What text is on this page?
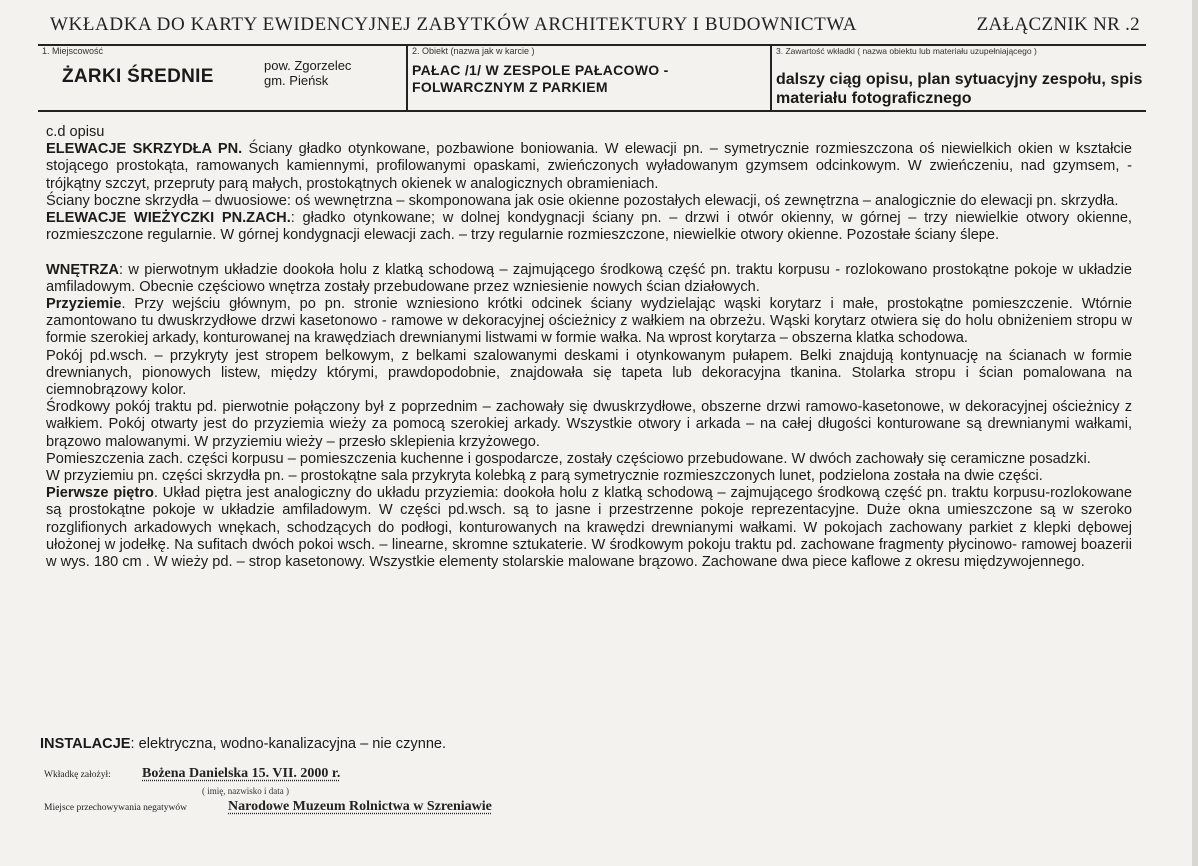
WKŁADKA DO KARTY EWIDENCYJNEJ ZABYTKÓW ARCHITEKTURY I BUDOWNICTWA	ZAŁĄCZNIK NR .2
1. Miejscowość
ŻARKI ŚREDNIE
pow. Zgorzelec
gm. Pieńsk
2. Obiekt (nazwa jak w karcie )
PAŁAC /1/ W ZESPOLE PAŁACOWO - FOLWARCZNYM Z PARKIEM
3. Zawartość wkładki ( nazwa obiektu lub materiału uzupełniającego )
dalszy ciąg opisu, plan sytuacyjny zespołu, spis materiału fotograficznego

c.d opisu

ELEWACJE SKRZYDŁA PN. Ściany gładko otynkowane, pozbawione boniowania. W elewacji pn. – symetrycznie rozmieszczona oś niewielkich okien w kształcie stojącego prostokąta, ramowanych kamiennymi, profilowanymi opaskami, zwieńczonych wyładowanym gzymsem odcinkowym. W zwieńczeniu, nad gzymsem, - trójkątny szczyt, przepruty parą małych, prostokątnych okienek w analogicznych obramieniach.

Ściany boczne skrzydła – dwuosiowe: oś wewnętrzna – skomponowana jak osie okienne pozostałych elewacji, oś zewnętrzna – analogicznie do elewacji pn. skrzydła.

ELEWACJE WIEŻYCZKI PN.ZACH.: gładko otynkowane; w dolnej kondygnacji ściany pn. – drzwi i otwór okienny, w górnej – trzy niewielkie otwory okienne, rozmieszczone regularnie. W górnej kondygnacji elewacji zach. – trzy regularnie rozmieszczone, niewielkie otwory okienne. Pozostałe ściany ślepe.

WNĘTRZA: w pierwotnym układzie dookoła holu z klatką schodową – zajmującego środkową część pn. traktu korpusu - rozlokowano prostokątne pokoje w układzie amfiladowym. Obecnie częściowo wnętrza zostały przebudowane przez wzniesienie nowych ścian działowych.

Przyziemie. Przy wejściu głównym, po pn. stronie wzniesiono krótki odcinek ściany wydzielając wąski korytarz i małe, prostokątne pomieszczenie. Wtórnie zamontowano tu dwuskrzydłowe drzwi kasetonowo - ramowe w dekoracyjnej ościeżnicy z wałkiem na obrzeżu. Wąski korytarz otwiera się do holu obniżeniem stropu w formie szerokiej arkady, konturowanej na krawędziach drewnianymi listwami w formie wałka. Na wprost korytarza – obszerna klatka schodowa.

Pokój pd.wsch. – przykryty jest stropem belkowym, z belkami szalowanymi deskami i otynkowanym pułapem. Belki znajdują kontynuację na ścianach w formie drewnianych, pionowych listew, między którymi, prawdopodobnie, znajdowała się tapeta lub dekoracyjna tkanina. Stolarka stropu i ścian pomalowana na ciemnobrązowy kolor.

Środkowy pokój traktu pd. pierwotnie połączony był z poprzednim – zachowały się dwuskrzydłowe, obszerne drzwi ramowo-kasetonowe, w dekoracyjnej ościeżnicy z wałkiem. Pokój otwarty jest do przyziemia wieży za pomocą szerokiej arkady. Wszystkie otwory i arkada – na całej długości konturowane są drewnianymi wałkami, brązowo malowanymi. W przyziemiu wieży – przesło sklepienia krzyżowego.

Pomieszczenia zach. części korpusu – pomieszczenia kuchenne i gospodarcze, zostały częściowo przebudowane. W dwóch zachowały się ceramiczne posadzki.

W przyziemiu pn. części skrzydła pn. – prostokątne sala przykryta kolebką z parą symetrycznie rozmieszczonych lunet, podzielona została na dwie części.

Pierwsze piętro. Układ piętra jest analogiczny do układu przyziemia: dookoła holu z klatką schodową – zajmującego środkową część pn. traktu korpusu-rozlokowane są prostokątne pokoje w układzie amfiladowym. W części pd.wsch. są to jasne i przestrzenne pokoje reprezentacyjne. Duże okna umieszczone są w szeroko rozglifionych arkadowych wnękach, schodzących do podłogi, konturowanych na krawędzi drewnianymi wałkami. W pokojach zachowany parkiet z klepki dębowej ułożonej w jodełkę. Na sufitach dwóch pokoi wsch. – linearne, skromne sztukaterie. W środkowym pokoju traktu pd. zachowane fragmenty płycinowo- ramowej boazerii w wys. 180 cm . W wieży pd. – strop kasetonowy. Wszystkie elementy stolarskie malowane brązowo. Zachowane dwa piece kaflowe z okresu międzywojennego.

INSTALACJE: elektryczna, wodno-kanalizacyjna – nie czynne.
Wkładkę założył: Bożena Danielska 15. VII. 2000 r.
( imię, nazwisko i data )
Miejsce przechowywania negatywów	Narodowe Muzeum Rolnictwa w Szreniawie
